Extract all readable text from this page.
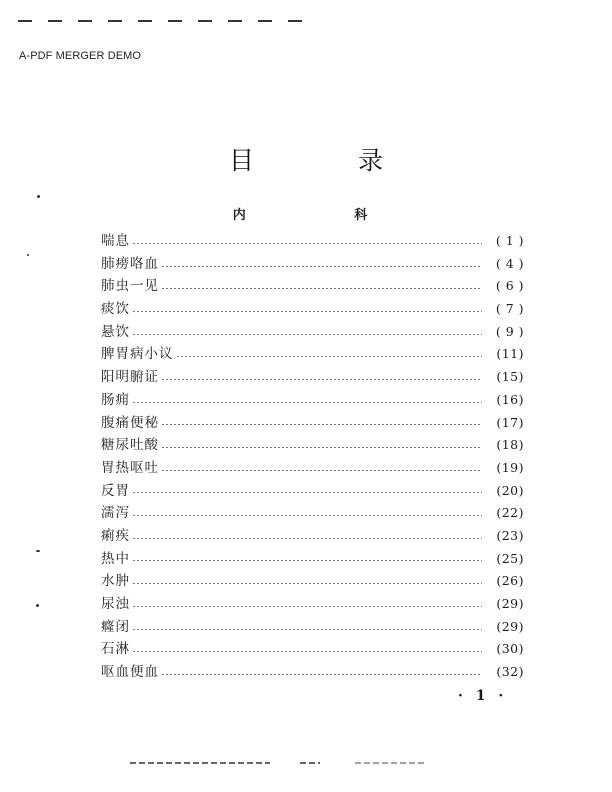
A-PDF MERGER DEMO
目 录
内 科
喘息	( 1 )
肺痨咯血	( 4 )
肺虫一见	( 6 )
痰饮	( 7 )
悬饮	( 9 )
脾胃病小议	(11)
阳明腑证	(15)
肠痈	(16)
腹痛便秘	(17)
糖尿吐酸	(18)
胃热呕吐	(19)
反胃	(20)
濡泻	(22)
痢疾	(23)
热中	(25)
水肿	(26)
尿浊	(29)
癃闭	(29)
石淋	(30)
呕血便血	(32)
· 1 ·
